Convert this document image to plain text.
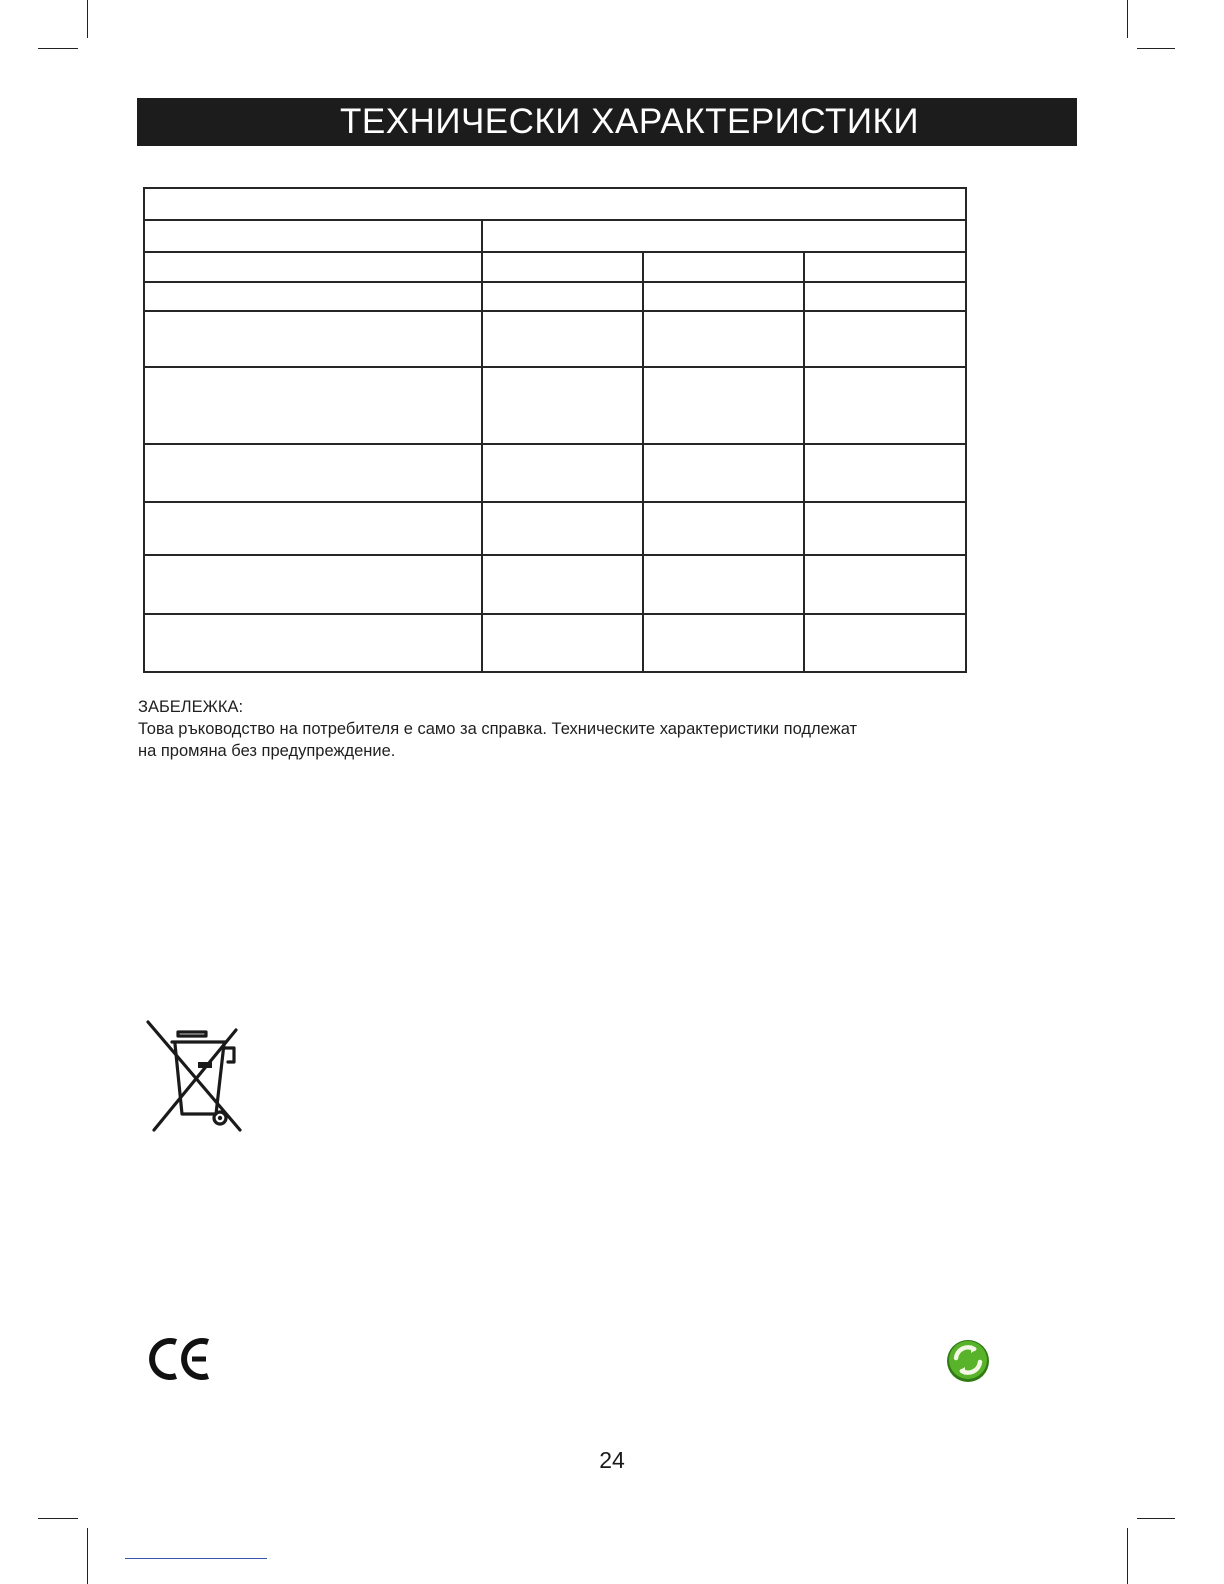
ТЕХНИЧЕСКИ ХАРАКТЕРИСТИКИ

ЗАБЕЛЕЖКА:
Това ръководство на потребителя е само за справка. Техническите характеристики подлежат на промяна без предупреждение.
24
